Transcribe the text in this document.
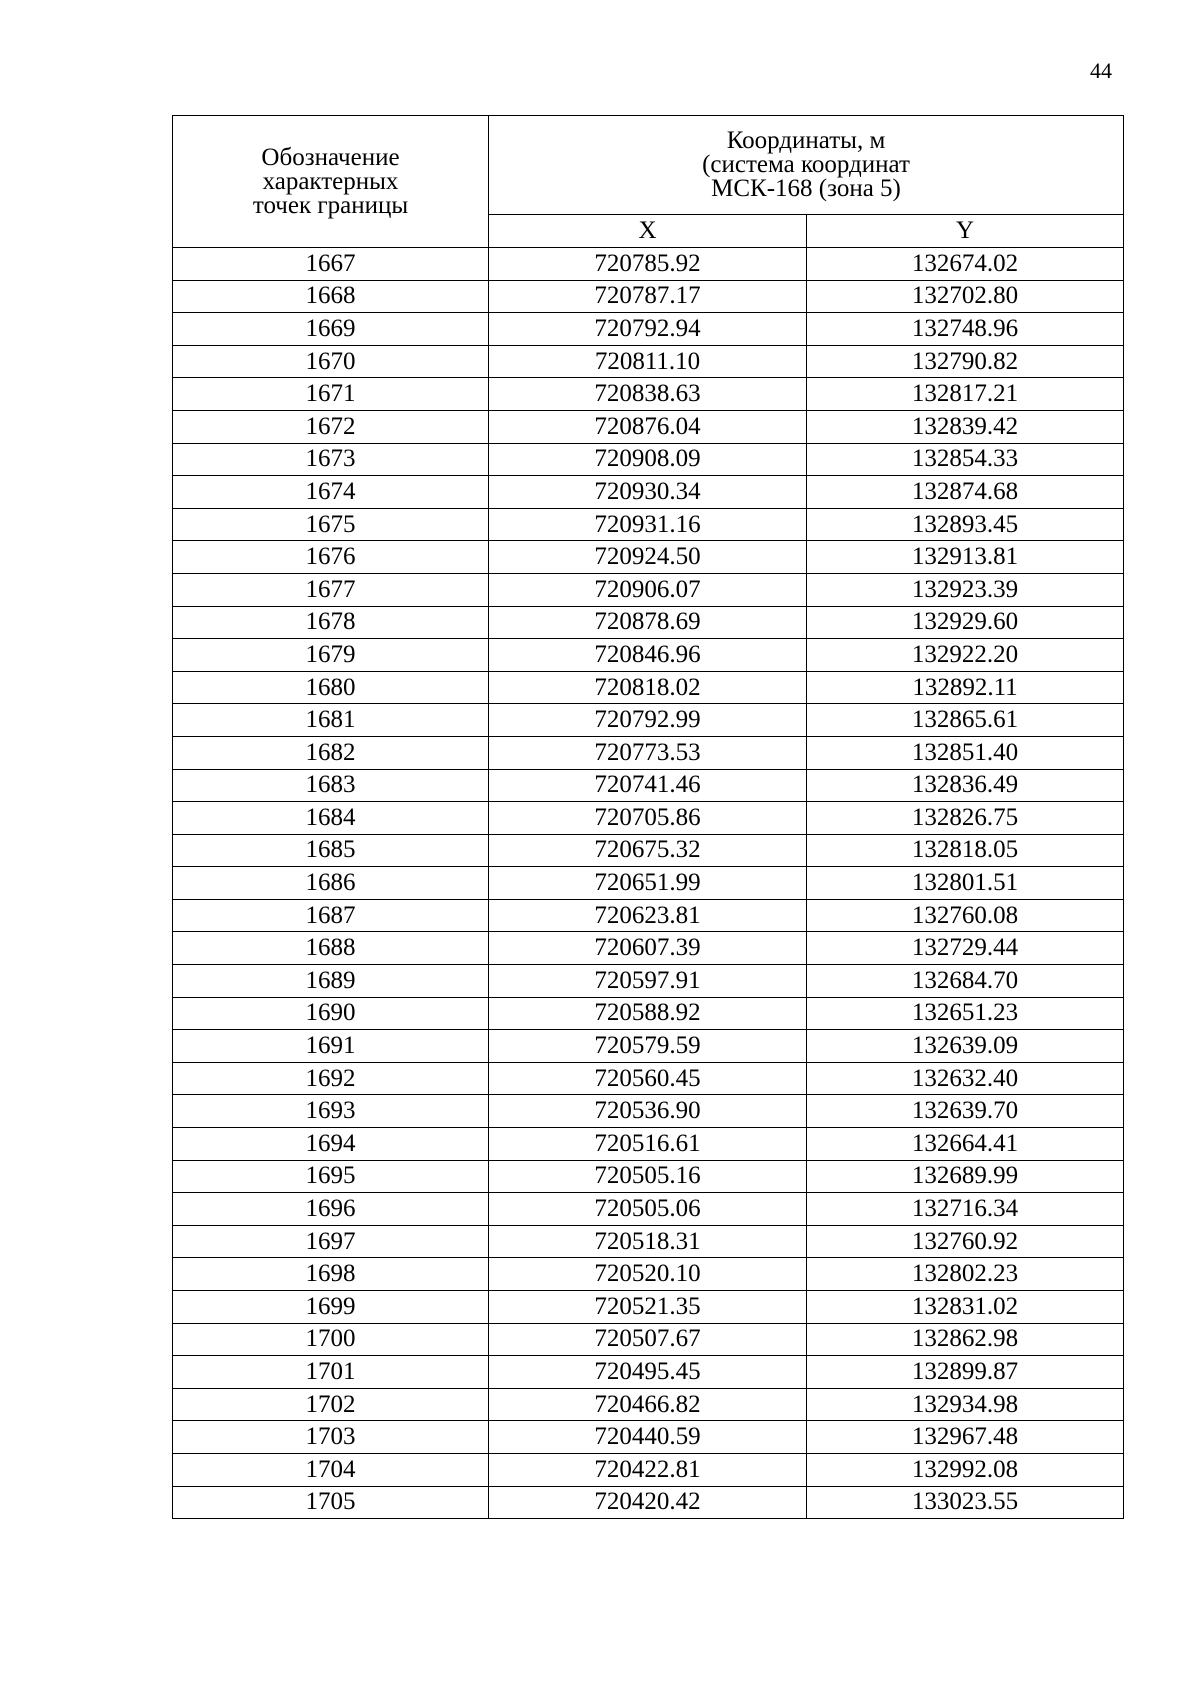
44
Обозначение
характерных
точек границы	Координаты, м
(система координат
МСК-168 (зона 5)	

	X	Y
1667	720785.92	132674.02
1668	720787.17	132702.80
1669	720792.94	132748.96
1670	720811.10	132790.82
1671	720838.63	132817.21
1672	720876.04	132839.42
1673	720908.09	132854.33
1674	720930.34	132874.68
1675	720931.16	132893.45
1676	720924.50	132913.81
1677	720906.07	132923.39
1678	720878.69	132929.60
1679	720846.96	132922.20
1680	720818.02	132892.11
1681	720792.99	132865.61
1682	720773.53	132851.40
1683	720741.46	132836.49
1684	720705.86	132826.75
1685	720675.32	132818.05
1686	720651.99	132801.51
1687	720623.81	132760.08
1688	720607.39	132729.44
1689	720597.91	132684.70
1690	720588.92	132651.23
1691	720579.59	132639.09
1692	720560.45	132632.40
1693	720536.90	132639.70
1694	720516.61	132664.41
1695	720505.16	132689.99
1696	720505.06	132716.34
1697	720518.31	132760.92
1698	720520.10	132802.23
1699	720521.35	132831.02
1700	720507.67	132862.98
1701	720495.45	132899.87
1702	720466.82	132934.98
1703	720440.59	132967.48
1704	720422.81	132992.08
1705	720420.42	133023.55
